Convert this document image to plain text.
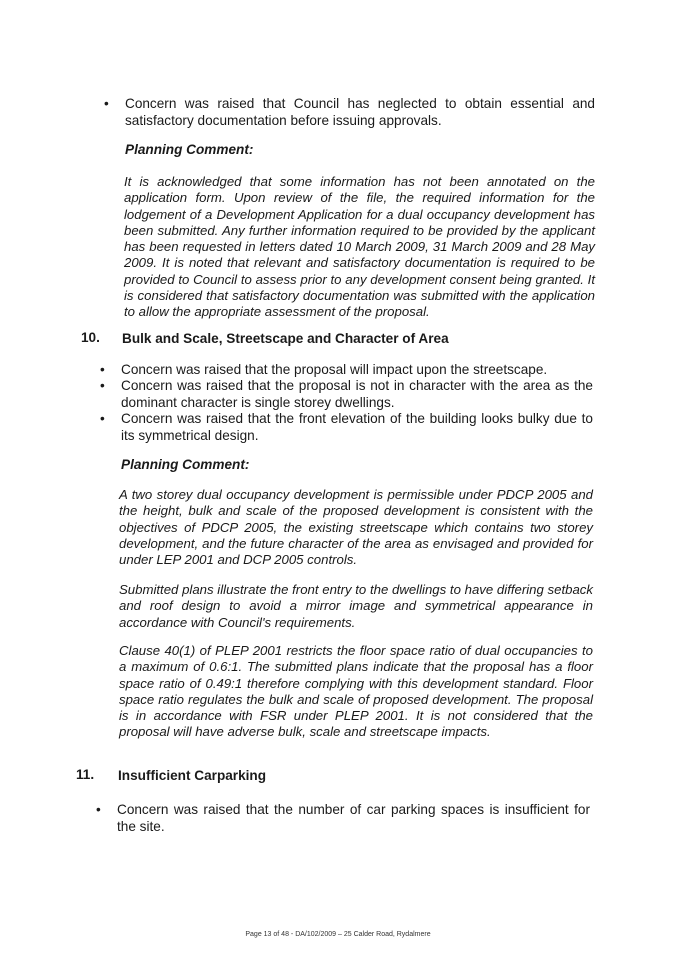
• Concern was raised that Council has neglected to obtain essential and satisfactory documentation before issuing approvals.
Planning Comment:
It is acknowledged that some information has not been annotated on the application form. Upon review of the file, the required information for the lodgement of a Development Application for a dual occupancy development has been submitted. Any further information required to be provided by the applicant has been requested in letters dated 10 March 2009, 31 March 2009 and 28 May 2009. It is noted that relevant and satisfactory documentation is required to be provided to Council to assess prior to any development consent being granted. It is considered that satisfactory documentation was submitted with the application to allow the appropriate assessment of the proposal.
10. Bulk and Scale, Streetscape and Character of Area
• Concern was raised that the proposal will impact upon the streetscape.
• Concern was raised that the proposal is not in character with the area as the dominant character is single storey dwellings.
• Concern was raised that the front elevation of the building looks bulky due to its symmetrical design.
Planning Comment:
A two storey dual occupancy development is permissible under PDCP 2005 and the height, bulk and scale of the proposed development is consistent with the objectives of PDCP 2005, the existing streetscape which contains two storey development, and the future character of the area as envisaged and provided for under LEP 2001 and DCP 2005 controls.
Submitted plans illustrate the front entry to the dwellings to have differing setback and roof design to avoid a mirror image and symmetrical appearance in accordance with Council's requirements.
Clause 40(1) of PLEP 2001 restricts the floor space ratio of dual occupancies to a maximum of 0.6:1. The submitted plans indicate that the proposal has a floor space ratio of 0.49:1 therefore complying with this development standard. Floor space ratio regulates the bulk and scale of proposed development. The proposal is in accordance with FSR under PLEP 2001. It is not considered that the proposal will have adverse bulk, scale and streetscape impacts.
11. Insufficient Carparking
• Concern was raised that the number of car parking spaces is insufficient for the site.
Page 13 of 48 - DA/102/2009 – 25 Calder Road, Rydalmere
